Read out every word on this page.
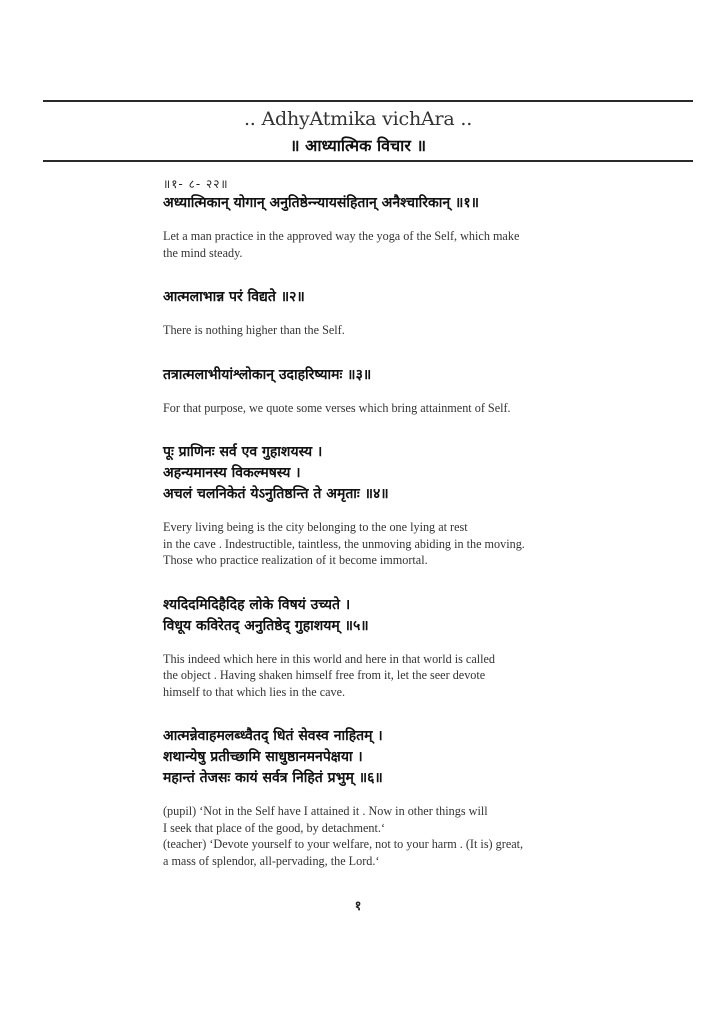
.. AdhyAtmika vichAra ..
॥ आध्यात्मिक विचार ॥
॥१- ८- २२॥
अध्यात्मिकान् योगान् अनुतिष्ठेन्न्यायसंहितान् अनैश्चारिकान् ॥१॥
Let a man practice in the approved way the yoga of the Self, which make
the mind steady.
आत्मलाभान्न परं विद्यते ॥२॥
There is nothing higher than the Self.
तत्रात्मलाभीयांश्लोकान् उदाहरिष्यामः ॥३॥
For that purpose, we quote some verses which bring attainment of Self.
पूः प्राणिनः सर्व एव गुहाशयस्य ।
अहन्यमानस्य विकल्मषस्य ।
अचलं चलनिकेतं येऽनुतिष्ठन्ति ते अमृताः ॥४॥
Every living being is the city belonging to the one lying at rest
in the cave . Indestructible, taintless, the unmoving abiding in the moving.
Those who practice realization of it become immortal.
श्यदिदमिदिहैदिह लोके विषयं उच्यते ।
विधूय कविरेतद् अनुतिष्ठेद् गुहाशयम् ॥५॥
This indeed which here in this world and here in that world is called
the object . Having shaken himself free from it, let the seer devote
himself to that which lies in the cave.
आत्मन्नेवाहमलब्ध्वैतद् धितं सेवस्व नाहितम् ।
शथान्येषु प्रतीच्छामि साधुष्ठानमनपेक्षया ।
महान्तं तेजसः कायं सर्वत्र निहितं प्रभुम् ॥६॥
(pupil) ‘Not in the Self have I attained it . Now in other things will
I seek that place of the good, by detachment.‘
(teacher) ‘Devote yourself to your welfare, not to your harm . (It is) great,
a mass of splendor, all-pervading, the Lord.‘
१
